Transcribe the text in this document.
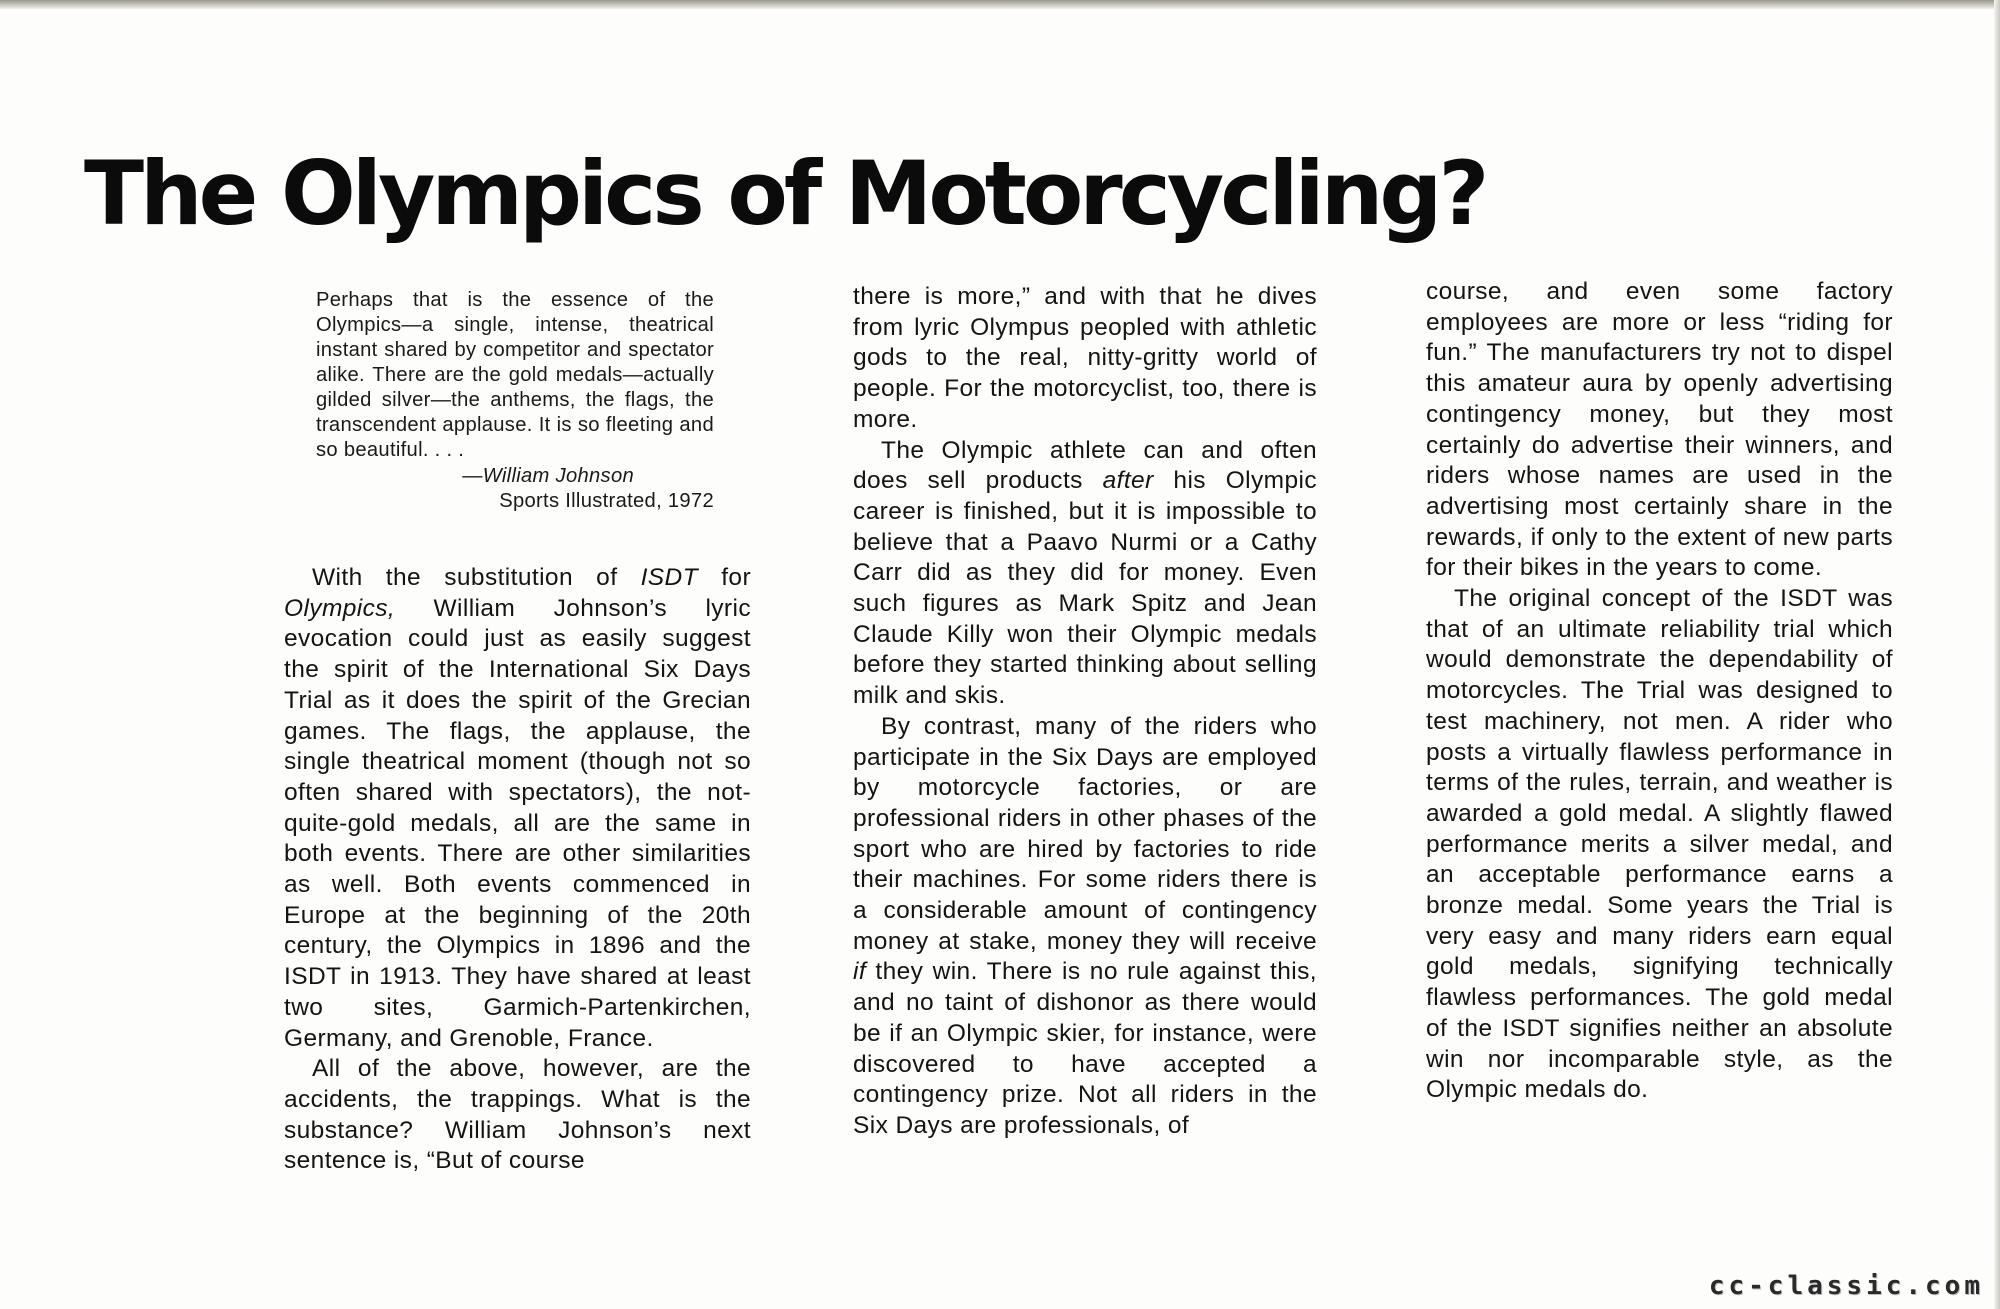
The Olympics of Motorcycling?

Perhaps that is the essence of the Olympics—a single, intense, theatrical instant shared by competitor and spectator alike. There are the gold medals—actually gilded silver—the anthems, the flags, the transcendent applause. It is so fleeting and so beautiful. . . .

—William Johnson
Sports Illustrated, 1972

With the substitution of ISDT for Olympics, William Johnson’s lyric evocation could just as easily suggest the spirit of the International Six Days Trial as it does the spirit of the Grecian games. The flags, the applause, the single theatrical moment (though not so often shared with spectators), the not-quite-gold medals, all are the same in both events. There are other similarities as well. Both events commenced in Europe at the beginning of the 20th century, the Olympics in 1896 and the ISDT in 1913. They have shared at least two sites, Garmich-Partenkirchen, Germany, and Grenoble, France.

All of the above, however, are the accidents, the trappings. What is the substance? William Johnson’s next sentence is, “But of course

there is more,” and with that he dives from lyric Olympus peopled with athletic gods to the real, nitty-gritty world of people. For the motorcyclist, too, there is more.

The Olympic athlete can and often does sell products after his Olympic career is finished, but it is impossible to believe that a Paavo Nurmi or a Cathy Carr did as they did for money. Even such figures as Mark Spitz and Jean Claude Killy won their Olympic medals before they started thinking about selling milk and skis.

By contrast, many of the riders who participate in the Six Days are employed by motorcycle factories, or are professional riders in other phases of the sport who are hired by factories to ride their machines. For some riders there is a considerable amount of contingency money at stake, money they will receive if they win. There is no rule against this, and no taint of dishonor as there would be if an Olympic skier, for instance, were discovered to have accepted a contingency prize. Not all riders in the Six Days are professionals, of

course, and even some factory employees are more or less “riding for fun.” The manufacturers try not to dispel this amateur aura by openly advertising contingency money, but they most certainly do advertise their winners, and riders whose names are used in the advertising most certainly share in the rewards, if only to the extent of new parts for their bikes in the years to come.

The original concept of the ISDT was that of an ultimate reliability trial which would demonstrate the dependability of motorcycles. The Trial was designed to test machinery, not men. A rider who posts a virtually flawless performance in terms of the rules, terrain, and weather is awarded a gold medal. A slightly flawed performance merits a silver medal, and an acceptable performance earns a bronze medal. Some years the Trial is very easy and many riders earn equal gold medals, signifying technically flawless performances. The gold medal of the ISDT signifies neither an absolute win nor incomparable style, as the Olympic medals do.

cc-classic.com
